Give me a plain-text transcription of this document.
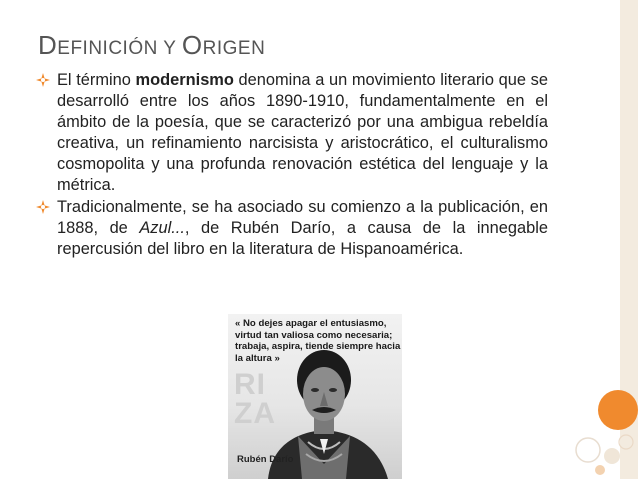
DEFINICIÓN Y ORIGEN
El término modernismo denomina a un movimiento literario que se desarrolló entre los años 1890-1910, fundamentalmente en el ámbito de la poesía, que se caracterizó por una ambigua rebeldía creativa, un refinamiento narcisista y aristocrático, el culturalismo cosmopolita y una profunda renovación estética del lenguaje y la métrica.
Tradicionalmente, se ha asociado su comienzo a la publicación, en 1888, de Azul..., de Rubén Darío, a causa de la innegable repercusión del libro en la literatura de Hispanoamérica.
RI
ZA
« No dejes apagar el entusiasmo, virtud tan valiosa como necesaria; trabaja, aspira, tiende siempre hacia la altura »
Rubén Darío
